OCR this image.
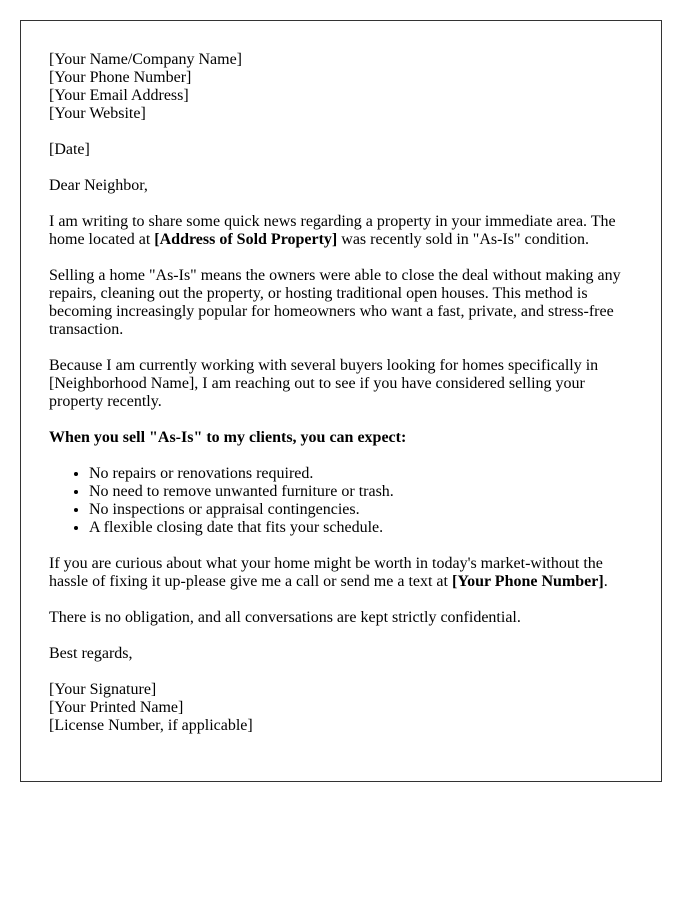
[Your Name/Company Name]
[Your Phone Number]
[Your Email Address]
[Your Website]

[Date]

Dear Neighbor,

I am writing to share some quick news regarding a property in your immediate area. The home located at [Address of Sold Property] was recently sold in "As-Is" condition.

Selling a home "As-Is" means the owners were able to close the deal without making any repairs, cleaning out the property, or hosting traditional open houses. This method is becoming increasingly popular for homeowners who want a fast, private, and stress-free transaction.

Because I am currently working with several buyers looking for homes specifically in [Neighborhood Name], I am reaching out to see if you have considered selling your property recently.

When you sell "As-Is" to my clients, you can expect:

• No repairs or renovations required.
• No need to remove unwanted furniture or trash.
• No inspections or appraisal contingencies.
• A flexible closing date that fits your schedule.

If you are curious about what your home might be worth in today's market-without the hassle of fixing it up-please give me a call or send me a text at [Your Phone Number].

There is no obligation, and all conversations are kept strictly confidential.

Best regards,

[Your Signature]
[Your Printed Name]
[License Number, if applicable]
